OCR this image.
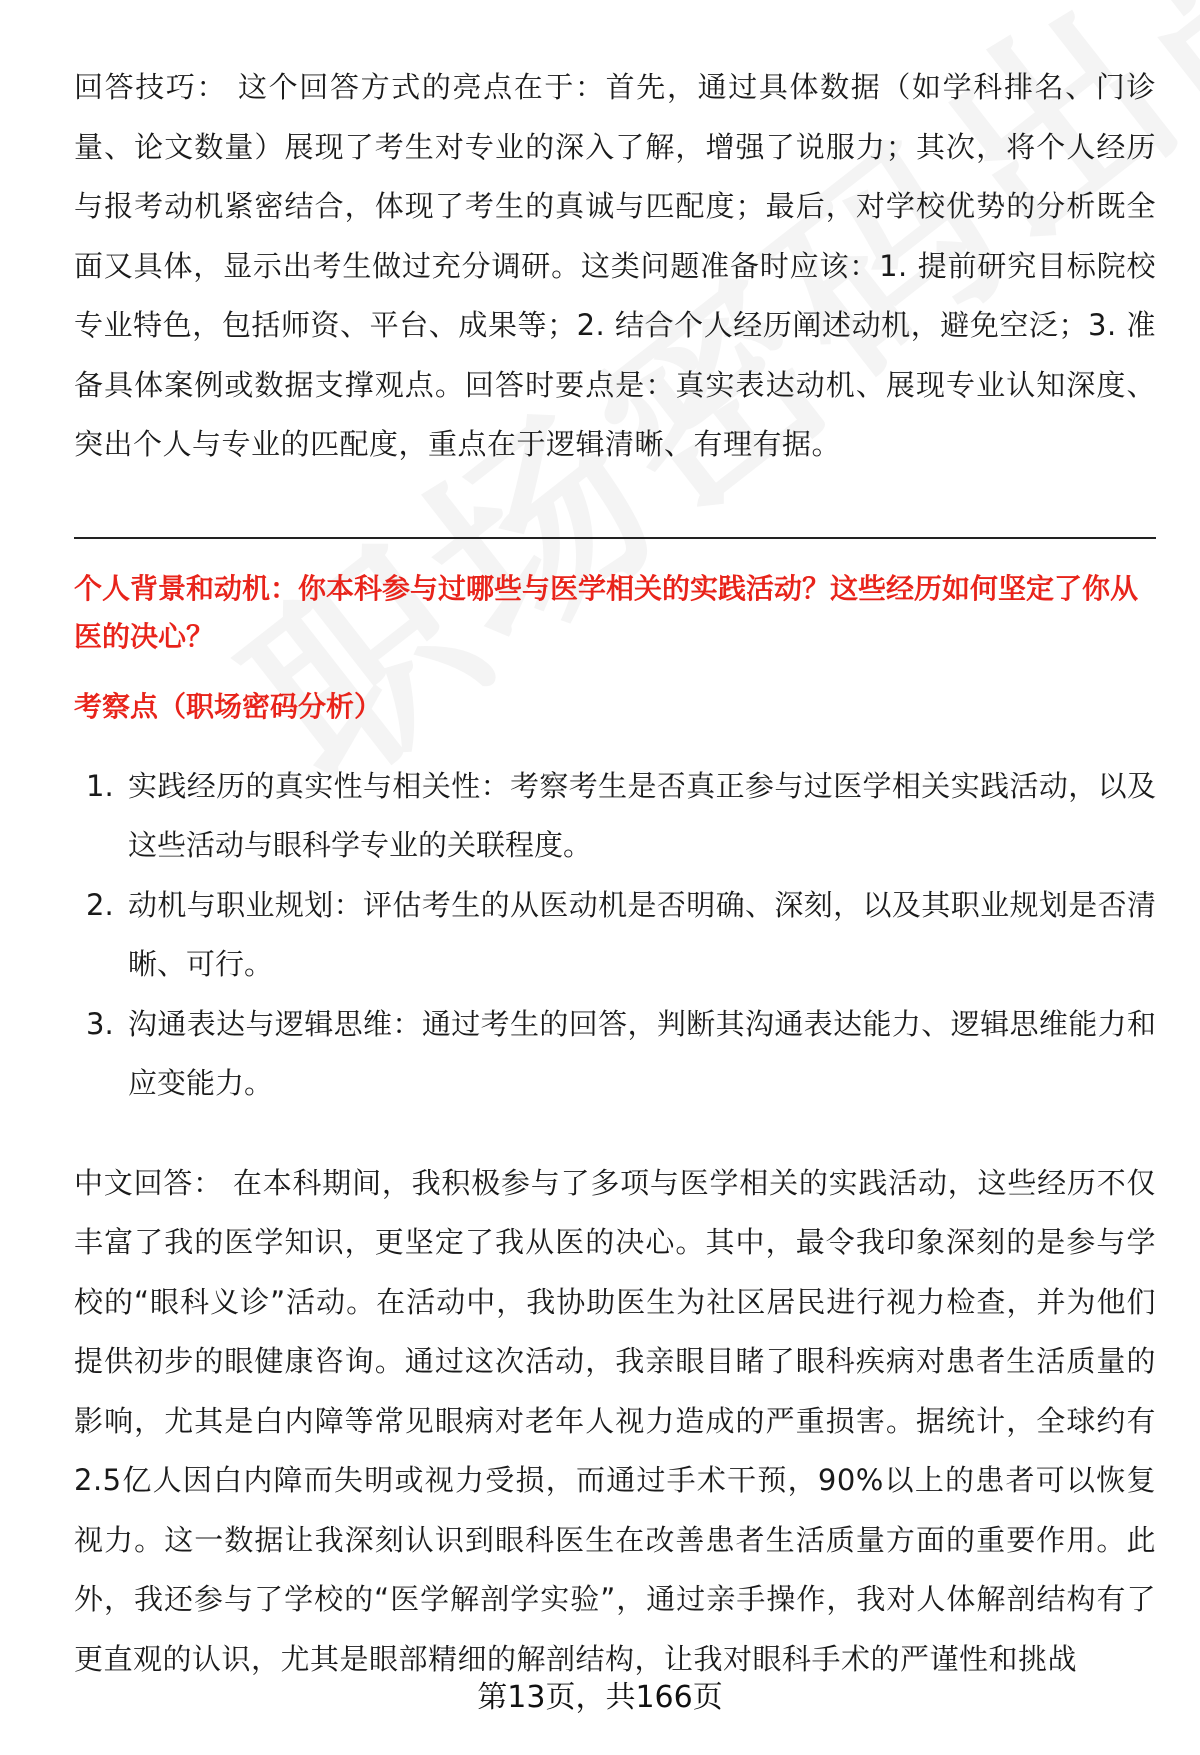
回答技巧： 这个回答方式的亮点在于：首先，通过具体数据（如学科排名、门诊量、论文数量）展现了考生对专业的深入了解，增强了说服力；其次，将个人经历与报考动机紧密结合，体现了考生的真诚与匹配度；最后，对学校优势的分析既全面又具体，显示出考生做过充分调研。这类问题准备时应该：1. 提前研究目标院校专业特色，包括师资、平台、成果等；2. 结合个人经历阐述动机，避免空泛；3. 准备具体案例或数据支撑观点。回答时要点是：真实表达动机、展现专业认知深度、突出个人与专业的匹配度，重点在于逻辑清晰、有理有据。

个人背景和动机：你本科参与过哪些与医学相关的实践活动？这些经历如何坚定了你从医的决心？

考察点（职场密码分析）

1. 实践经历的真实性与相关性：考察考生是否真正参与过医学相关实践活动，以及这些活动与眼科学专业的关联程度。
2. 动机与职业规划：评估考生的从医动机是否明确、深刻，以及其职业规划是否清晰、可行。
3. 沟通表达与逻辑思维：通过考生的回答，判断其沟通表达能力、逻辑思维能力和应变能力。

中文回答： 在本科期间，我积极参与了多项与医学相关的实践活动，这些经历不仅丰富了我的医学知识，更坚定了我从医的决心。其中，最令我印象深刻的是参与学校的“眼科义诊”活动。在活动中，我协助医生为社区居民进行视力检查，并为他们提供初步的眼健康咨询。通过这次活动，我亲眼目睹了眼科疾病对患者生活质量的影响，尤其是白内障等常见眼病对老年人视力造成的严重损害。据统计，全球约有2.5亿人因白内障而失明或视力受损，而通过手术干预，90%以上的患者可以恢复视力。这一数据让我深刻认识到眼科医生在改善患者生活质量方面的重要作用。此外，我还参与了学校的“医学解剖学实验”，通过亲手操作，我对人体解剖结构有了更直观的认识，尤其是眼部精细的解剖结构，让我对眼科手术的严谨性和挑战

第13页，共166页
